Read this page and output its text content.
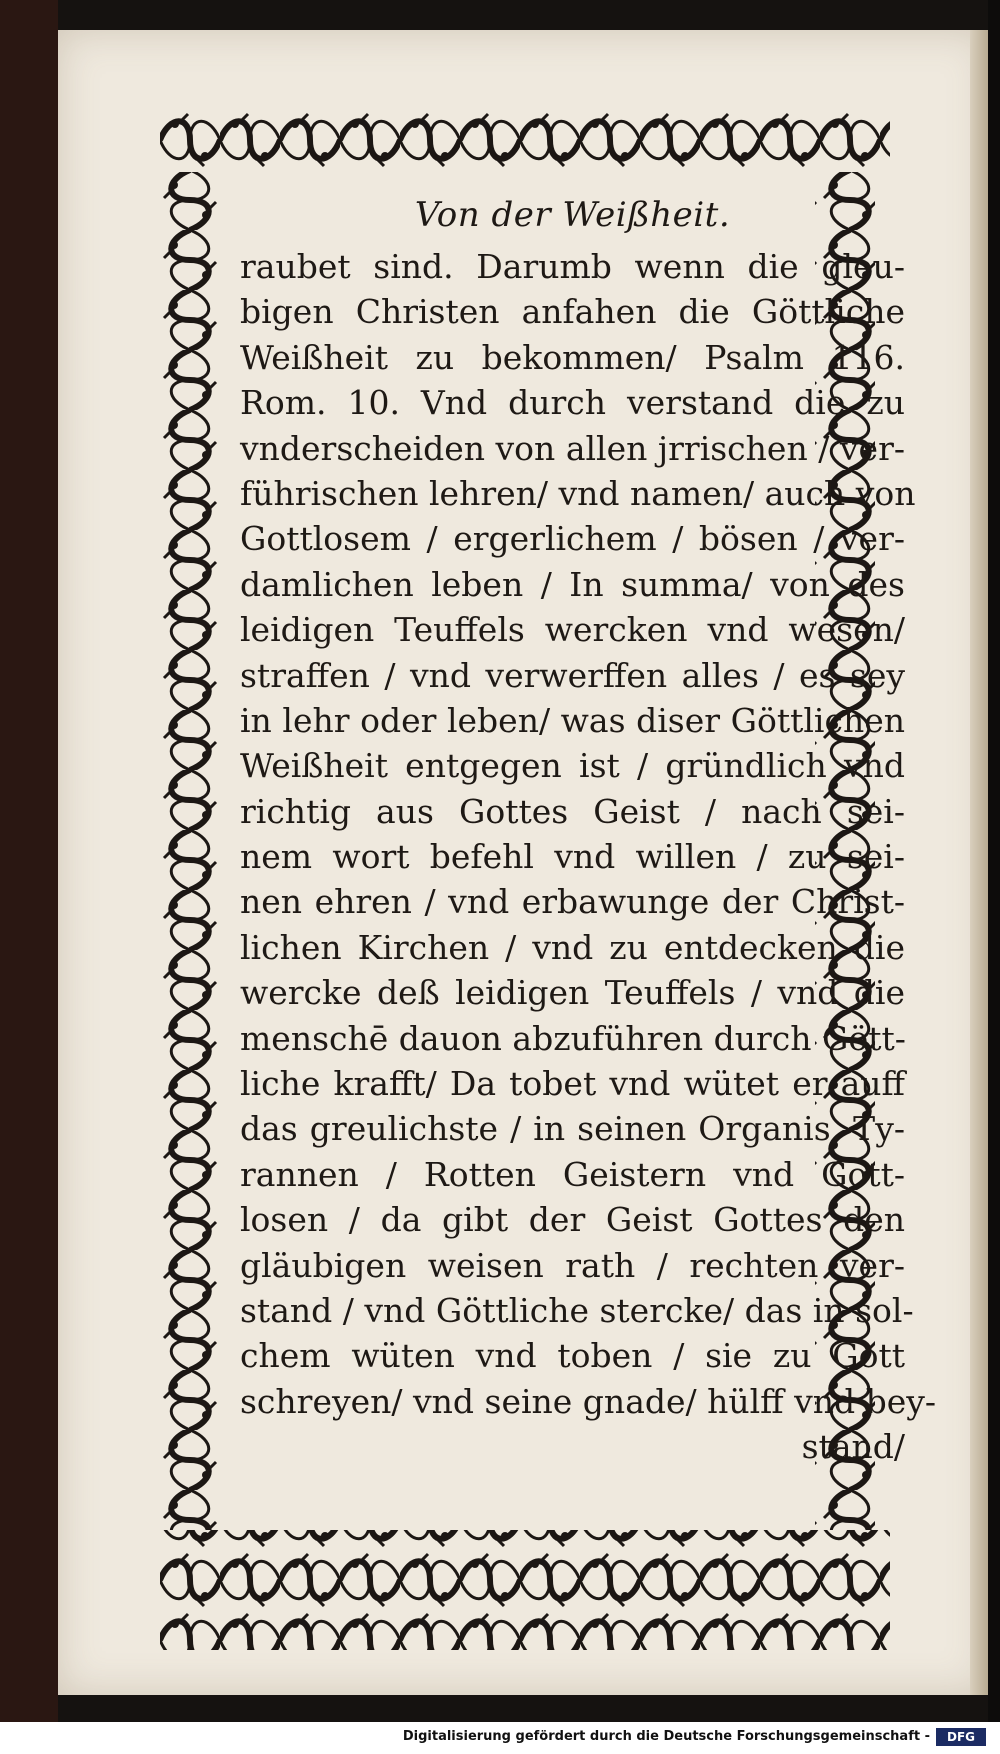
Von der Weißheit.
raubet sind. Darumb wenn die gleu-
bigen Christen anfahen die Göttliche
Weißheit zu bekommen/ Psalm 116.
Rom. 10. Vnd durch verstand die zu
vnderscheiden von allen jrrischen / ver-
führischen lehren/ vnd namen/ auch von
Gottlosem / ergerlichem / bösen / ver-
damlichen leben / In summa/ von des
leidigen Teuffels wercken vnd wesen/
straffen / vnd verwerffen alles / es sey
in lehr oder leben/ was diser Göttlichen
Weißheit entgegen ist / gründlich vnd
richtig aus Gottes Geist / nach sei-
nem wort befehl vnd willen / zu sei-
nen ehren / vnd erbawunge der Christ-
lichen Kirchen / vnd zu entdecken die
wercke deß leidigen Teuffels / vnd die
menschē dauon abzuführen durch Gött-
liche krafft/ Da tobet vnd wütet er auff
das greulichste / in seinen Organis, Ty-
rannen / Rotten Geistern vnd Gott-
losen / da gibt der Geist Gottes den
gläubigen weisen rath / rechten ver-
stand / vnd Göttliche stercke/ das in sol-
chem wüten vnd toben / sie zu Gott
schreyen/ vnd seine gnade/ hülff vnd bey-
stand/
Digitalisierung gefördert durch die Deutsche Forschungsgemeinschaft -	DFG
